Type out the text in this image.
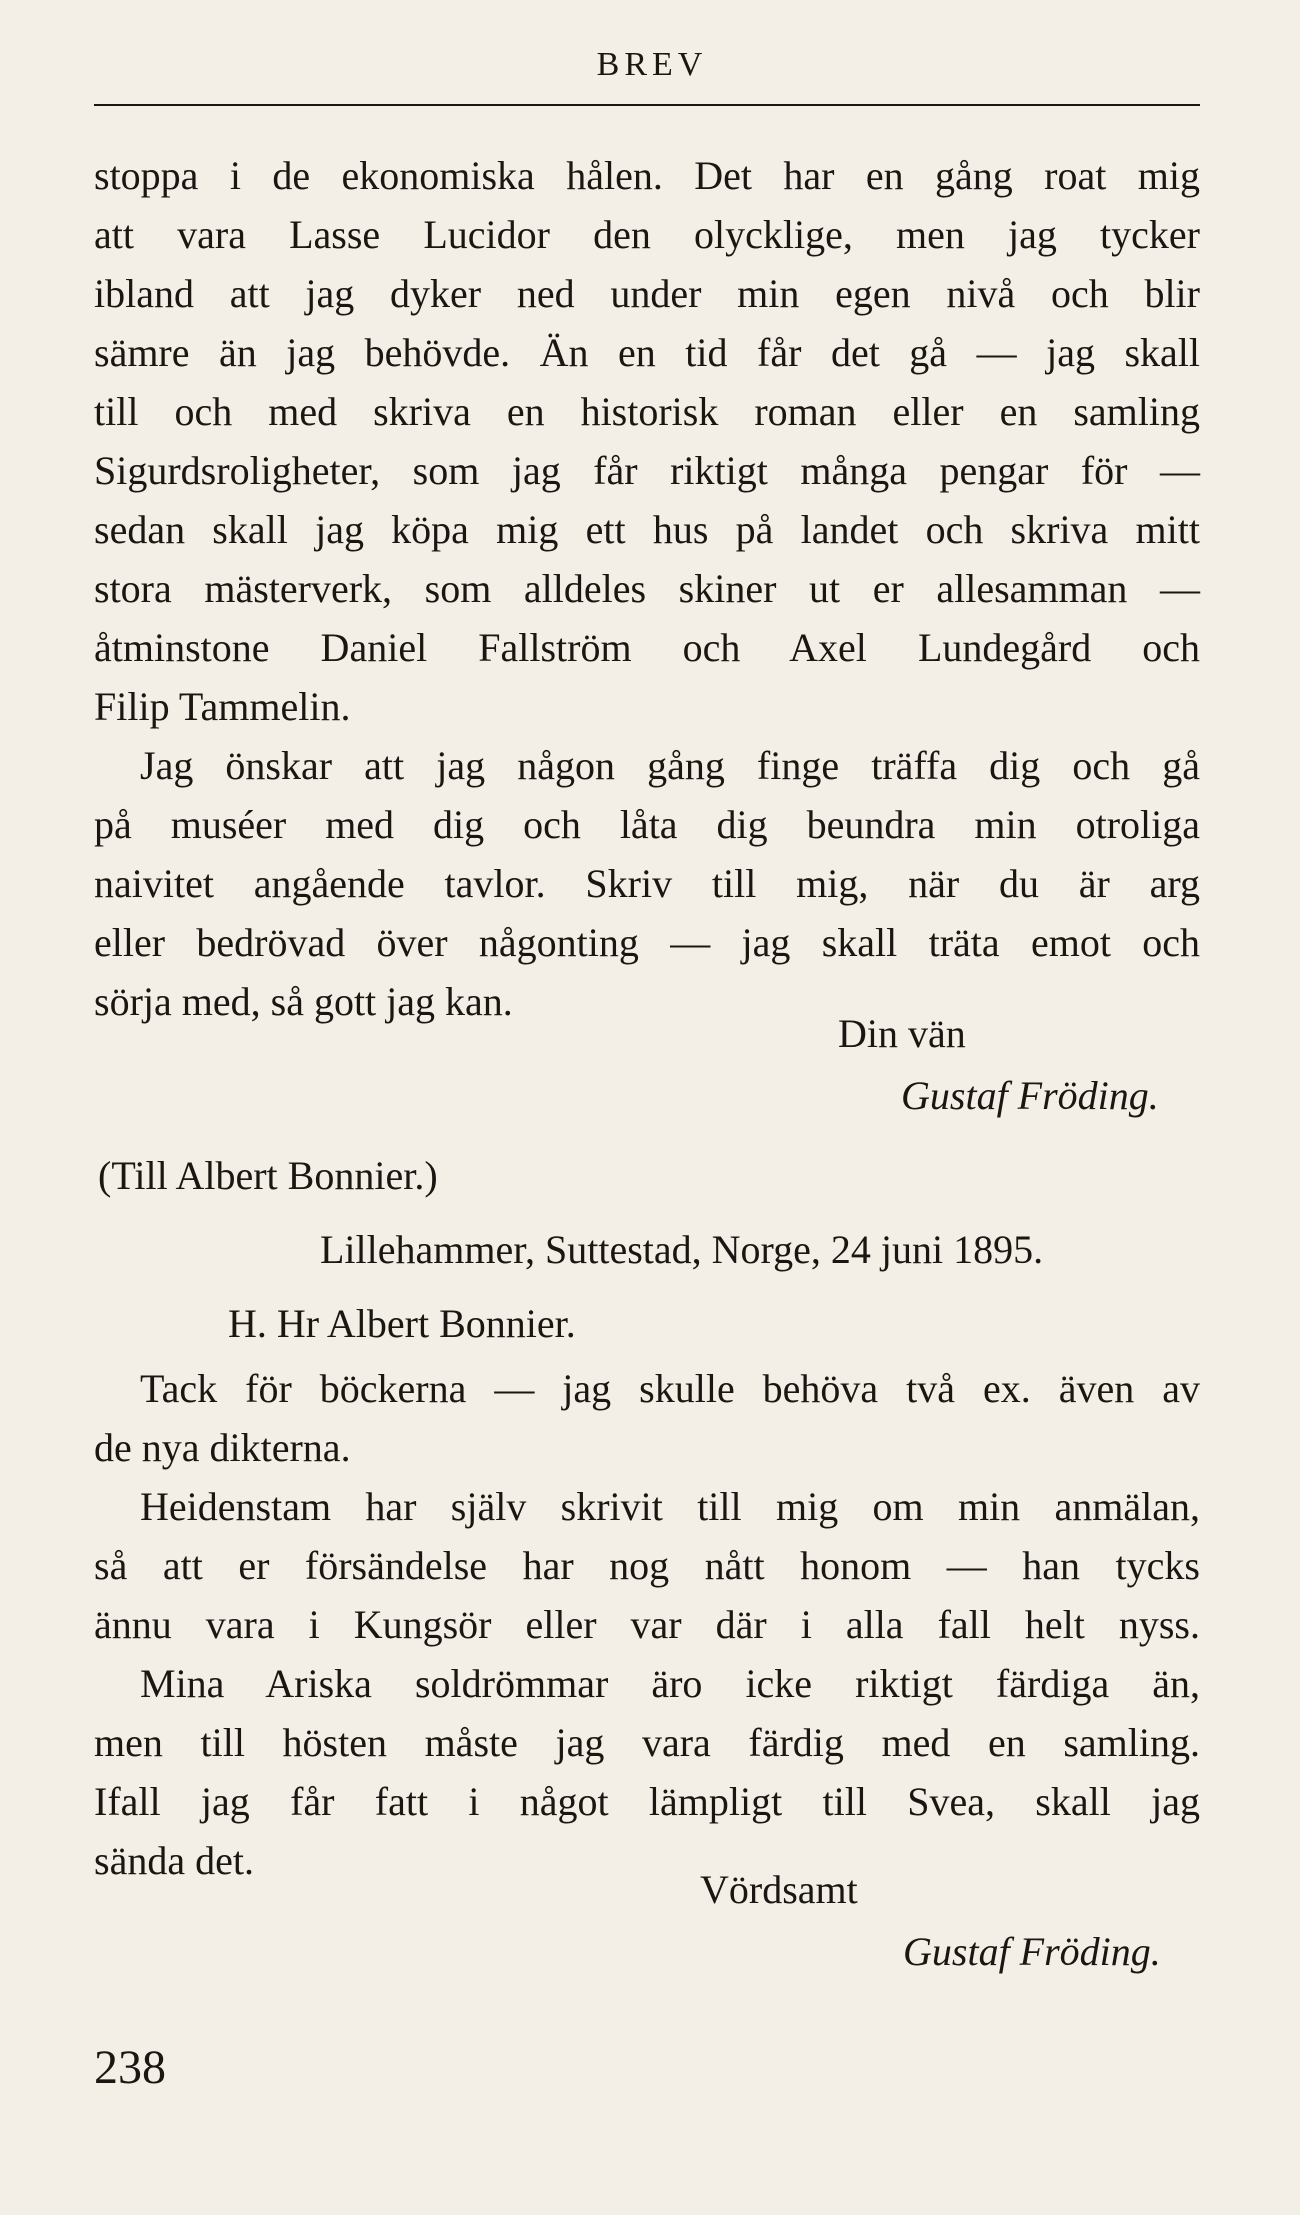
BREV
stoppa i de ekonomiska hålen. Det har en gång roat mig
att vara Lasse Lucidor den olycklige, men jag tycker
ibland att jag dyker ned under min egen nivå och blir
sämre än jag behövde. Än en tid får det gå — jag skall
till och med skriva en historisk roman eller en samling
Sigurdsroligheter, som jag får riktigt många pengar för —
sedan skall jag köpa mig ett hus på landet och skriva mitt
stora mästerverk, som alldeles skiner ut er allesamman —
åtminstone Daniel Fallström och Axel Lundegård och
Filip Tammelin.
Jag önskar att jag någon gång finge träffa dig och gå
på muséer med dig och låta dig beundra min otroliga
naivitet angående tavlor. Skriv till mig, när du är arg
eller bedrövad över någonting — jag skall träta emot och
sörja med, så gott jag kan.
Din vän
Gustaf Fröding.
(Till Albert Bonnier.)
Lillehammer, Suttestad, Norge, 24 juni 1895.
H. Hr Albert Bonnier.
Tack för böckerna — jag skulle behöva två ex. även av
de nya dikterna.
Heidenstam har själv skrivit till mig om min anmälan,
så att er försändelse har nog nått honom — han tycks
ännu vara i Kungsör eller var där i alla fall helt nyss.
Mina Ariska soldrömmar äro icke riktigt färdiga än,
men till hösten måste jag vara färdig med en samling.
Ifall jag får fatt i något lämpligt till Svea, skall jag
sända det.
Vördsamt
Gustaf Fröding.
238
